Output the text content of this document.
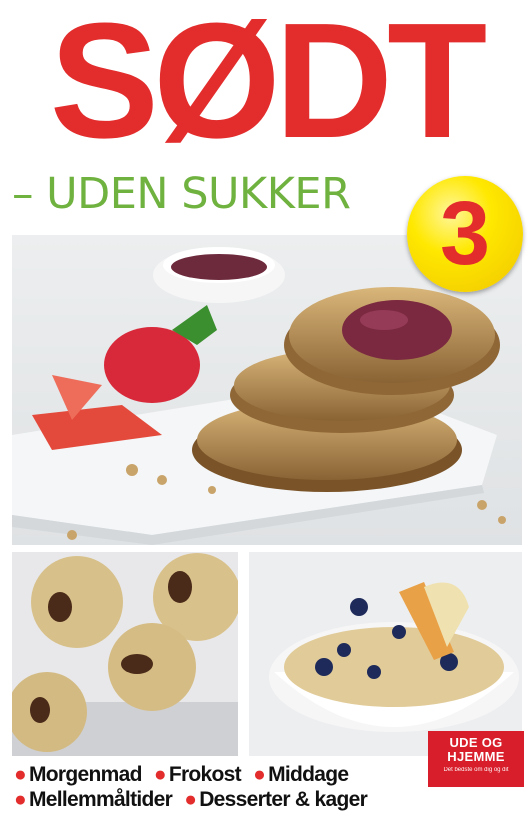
SØDT
– UDEN SUKKER 3
UDE OG
HJEMME
Det bedste om dig og dit
● Morgenmad ● Frokost ● Middage
● Mellemmåltider ● Desserter & kager
